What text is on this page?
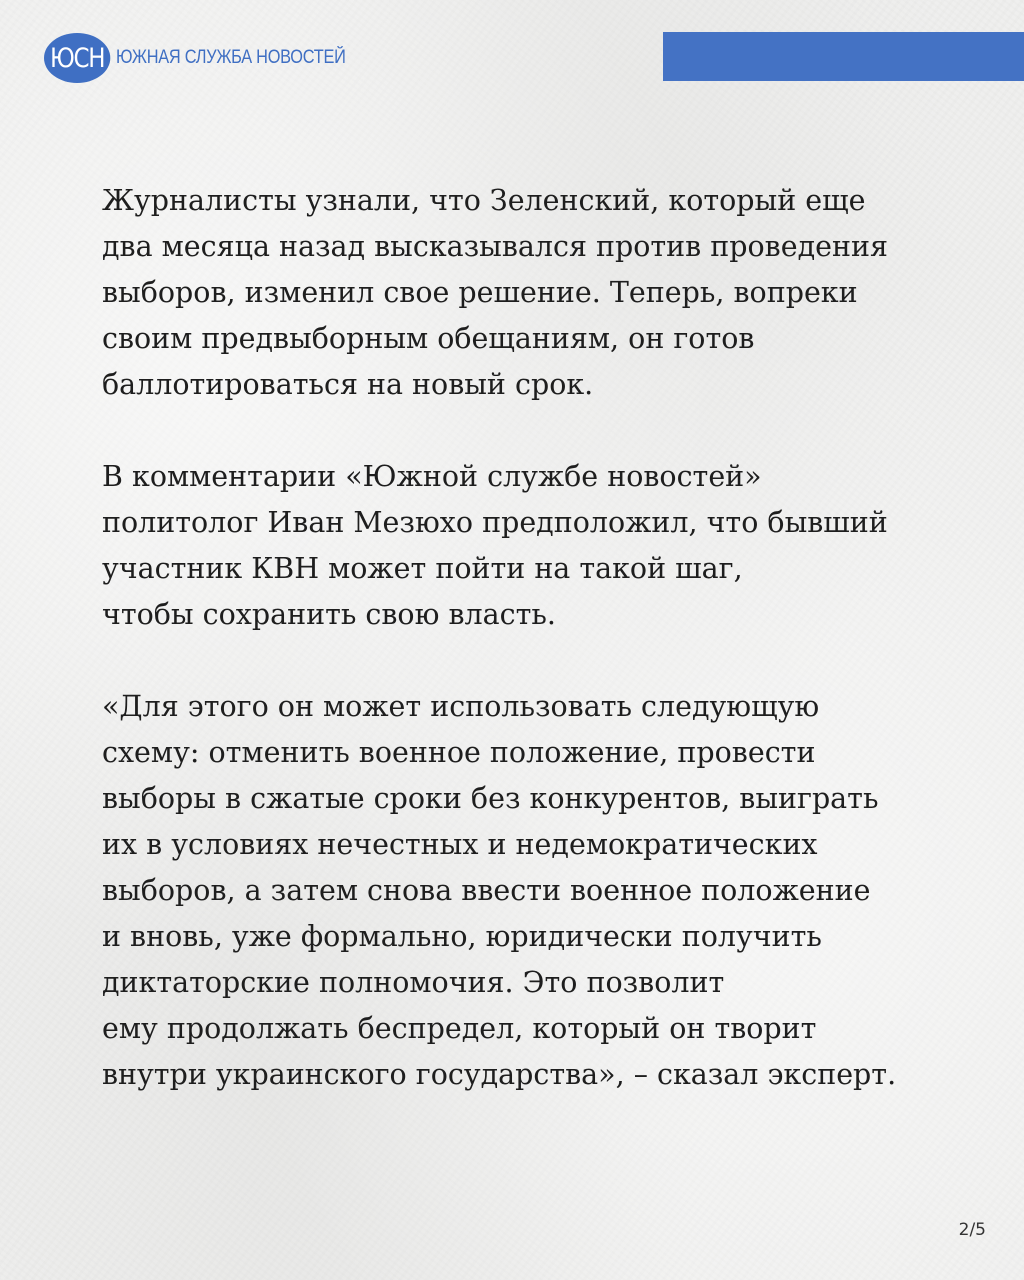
ЮСН ЮЖНАЯ СЛУЖБА НОВОСТЕЙ

Журналисты узнали, что Зеленский, который еще
два месяца назад высказывался против проведения
выборов, изменил свое решение. Теперь, вопреки
своим предвыборным обещаниям, он готов
баллотироваться на новый срок.

В комментарии «Южной службе новостей»
политолог Иван Мезюхо предположил, что бывший
участник КВН может пойти на такой шаг,
чтобы сохранить свою власть.

«Для этого он может использовать следующую
схему: отменить военное положение, провести
выборы в сжатые сроки без конкурентов, выиграть
их в условиях нечестных и недемократических
выборов, а затем снова ввести военное положение
и вновь, уже формально, юридически получить
диктаторские полномочия. Это позволит
ему продолжать беспредел, который он творит
внутри украинского государства», – сказал эксперт.

2/5
